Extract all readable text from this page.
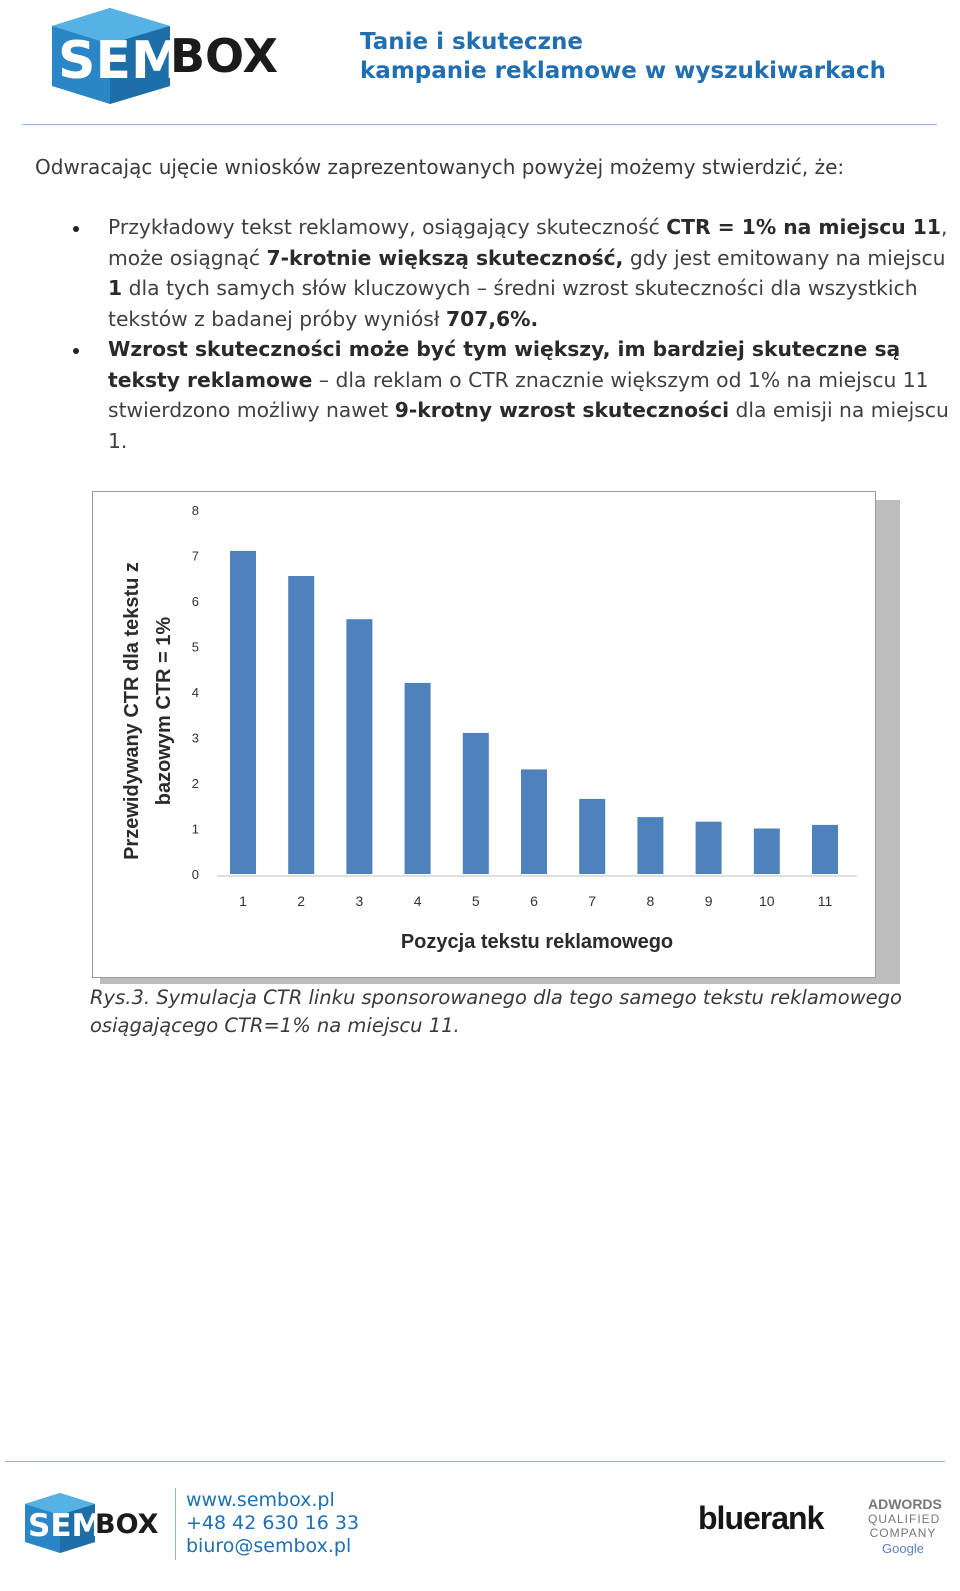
SEM
BOX	Tanie i skuteczne
kampanie reklamowe w wyszukiwarkach
Odwracając ujęcie wniosków zaprezentowanych powyżej możemy stwierdzić, że:
Przykładowy tekst reklamowy, osiągający skuteczność CTR = 1% na miejscu 11, może osiągnąć 7-krotnie większą skuteczność, gdy jest emitowany na miejscu 1 dla tych samych słów kluczowych – średni wzrost skuteczności dla wszystkich tekstów z badanej próby wyniósł 707,6%.
Wzrost skuteczności może być tym większy, im bardziej skuteczne są teksty reklamowe – dla reklam o CTR znacznie większym od 1% na miejscu 11 stwierdzono możliwy nawet 9-krotny wzrost skuteczności dla emisji na miejscu 1.
0
1
2
3
4
5
6
7
8
1	2	3	4	5	6	7	8	9	10	11
Pozycja tekstu reklamowego
Przewidywany CTR dla tekstu z bazowym CTR = 1%
Rys.3. Symulacja CTR linku sponsorowanego dla tego samego tekstu reklamowego
osiągającego CTR=1% na miejscu 11.
SEM
BOX
www.sembox.pl
+48 42 630 16 33
biuro@sembox.pl
bluerank	ADWORDS
QUALIFIED
COMPANY
Google
